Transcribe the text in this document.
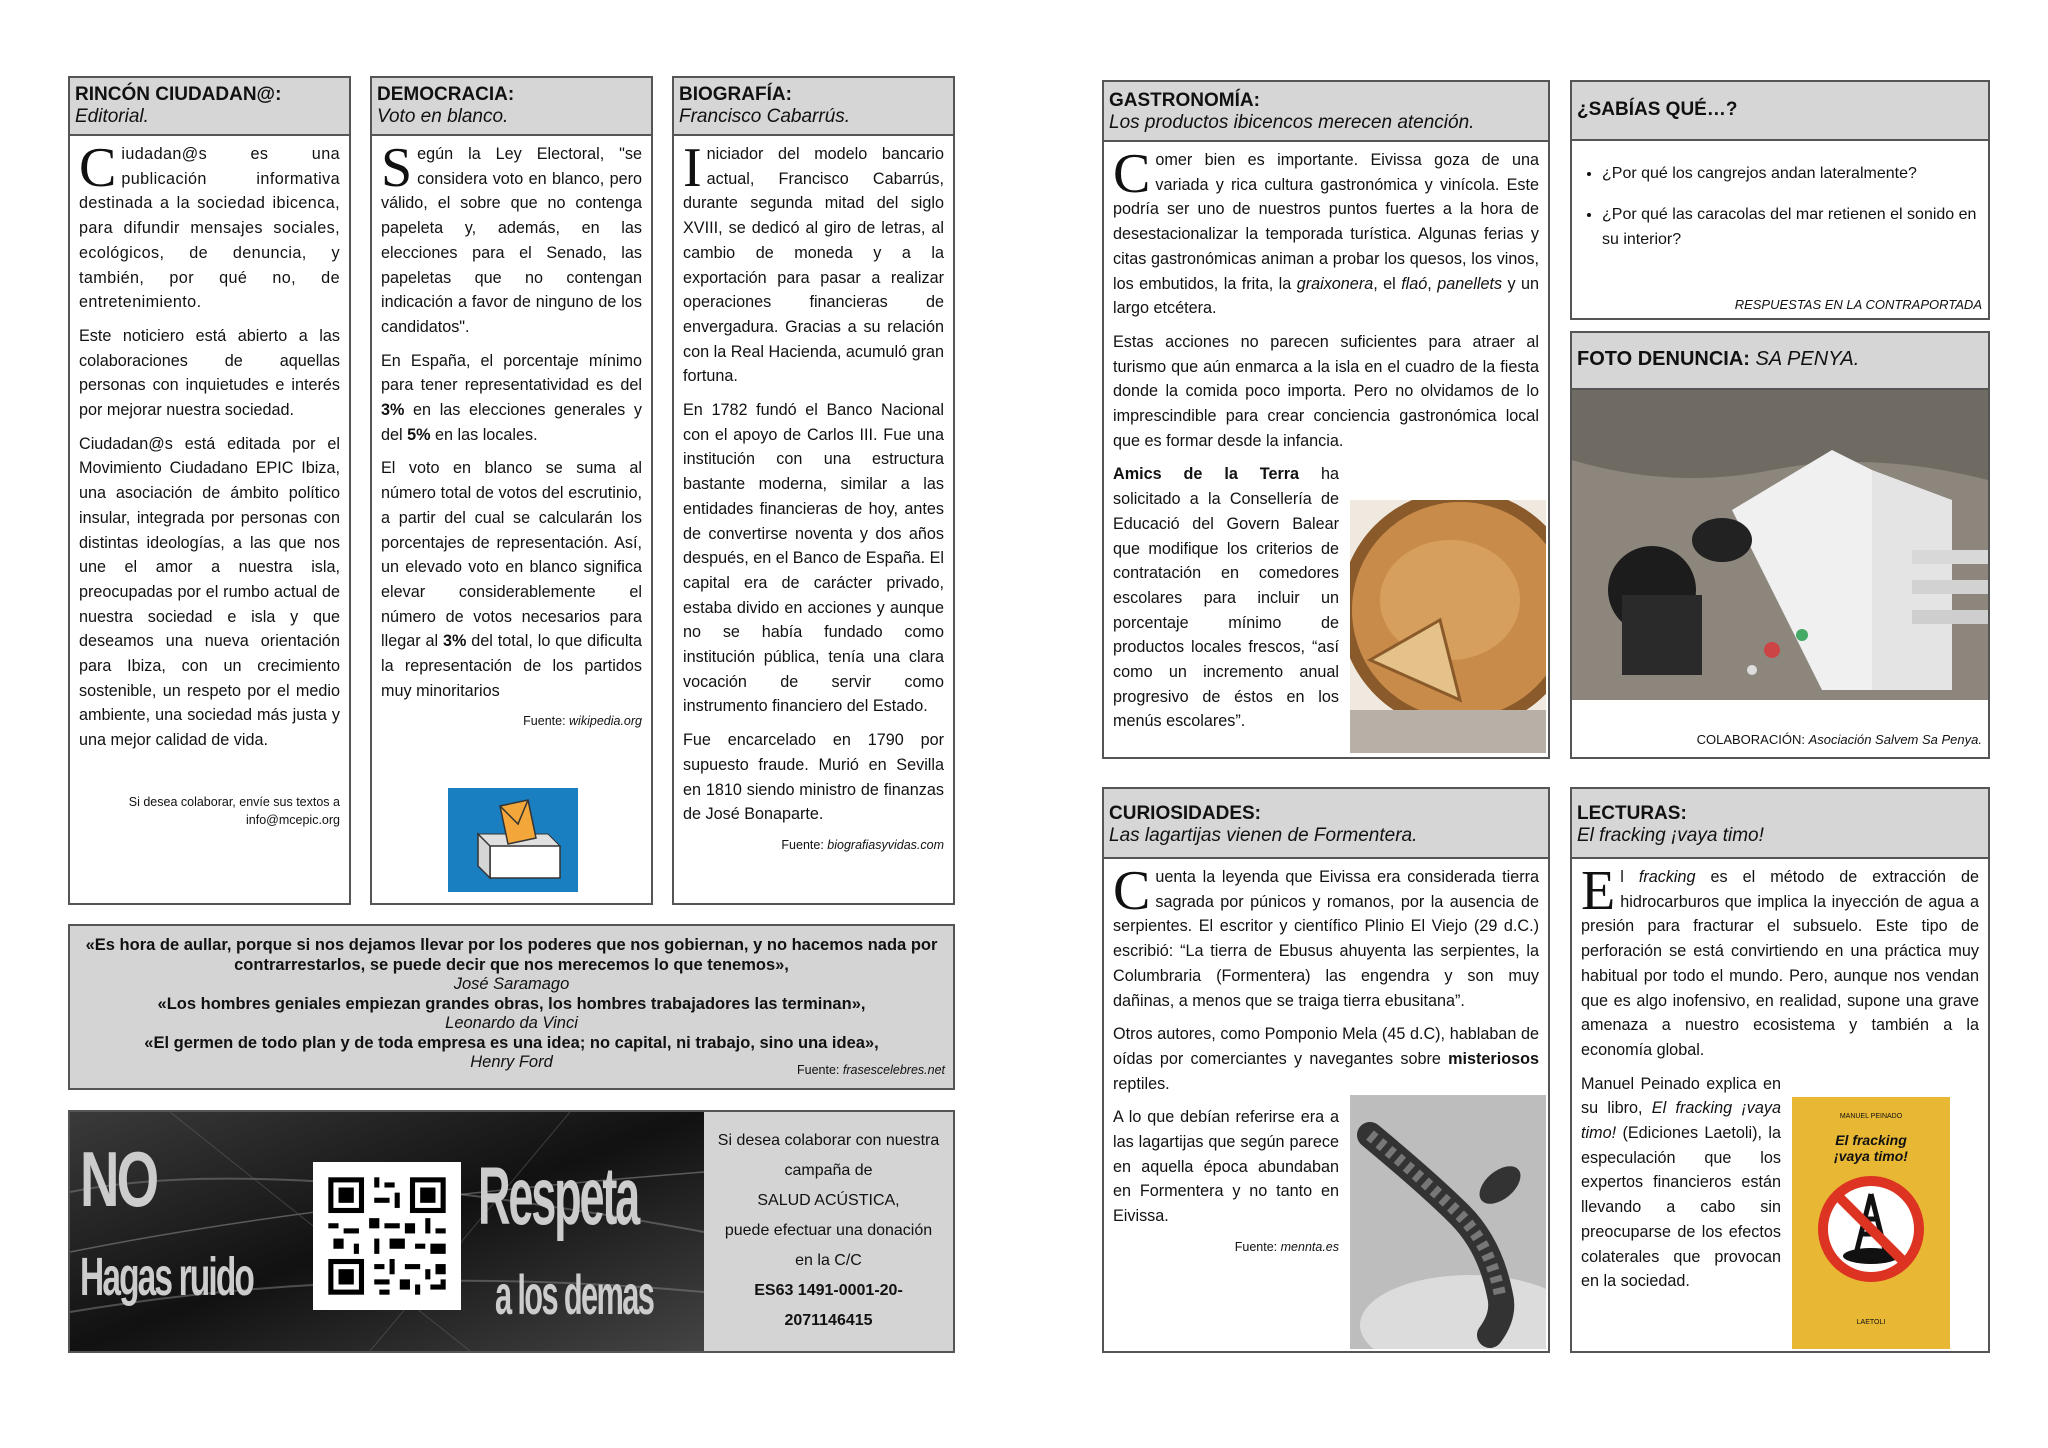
RINCÓN CIUDADAN@:
Editorial.

Ciudadan@s es una publicación informativa destinada a la sociedad ibicenca, para difundir mensajes sociales, ecológicos, de denuncia, y también, por qué no, de entretenimiento.

Este noticiero está abierto a las colaboraciones de aquellas personas con inquietudes e interés por mejorar nuestra sociedad.

Ciudadan@s está editada por el Movimiento Ciudadano EPIC Ibiza, una asociación de ámbito político insular, integrada por personas con distintas ideologías, a las que nos une el amor a nuestra isla, preocupadas por el rumbo actual de nuestra sociedad e isla y que deseamos una nueva orientación para Ibiza, con un crecimiento sostenible, un respeto por el medio ambiente, una sociedad más justa y una mejor calidad de vida.

Si desea colaborar, envíe sus textos a
info@mcepic.org
DEMOCRACIA:
Voto en blanco.

Según la Ley Electoral, "se considera voto en blanco, pero válido, el sobre que no contenga papeleta y, además, en las elecciones para el Senado, las papeletas que no contengan indicación a favor de ninguno de los candidatos".

En España, el porcentaje mínimo para tener representatividad es del 3% en las elecciones generales y del 5% en las locales.

El voto en blanco se suma al número total de votos del escrutinio, a partir del cual se calcularán los porcentajes de representación. Así, un elevado voto en blanco significa elevar considerablemente el número de votos necesarios para llegar al 3% del total, lo que dificulta la representación de los partidos muy minoritarios

Fuente: wikipedia.org
BIOGRAFÍA:
Francisco Cabarrús.

Iniciador del modelo bancario actual, Francisco Cabarrús, durante segunda mitad del siglo XVIII, se dedicó al giro de letras, al cambio de moneda y a la exportación para pasar a realizar operaciones financieras de envergadura. Gracias a su relación con la Real Hacienda, acumuló gran fortuna.

En 1782 fundó el Banco Nacional con el apoyo de Carlos III. Fue una institución con una estructura bastante moderna, similar a las entidades financieras de hoy, antes de convertirse noventa y dos años después, en el Banco de España. El capital era de carácter privado, estaba divido en acciones y aunque no se había fundado como institución pública, tenía una clara vocación de servir como instrumento financiero del Estado.

Fue encarcelado en 1790 por supuesto fraude. Murió en Sevilla en 1810 siendo ministro de finanzas de José Bonaparte.

Fuente: biografiasyvidas.com
«Es hora de aullar, porque si nos dejamos llevar por los poderes que nos gobiernan, y no hacemos nada por contrarrestarlos, se puede decir que nos merecemos lo que tenemos»,
José Saramago
«Los hombres geniales empiezan grandes obras, los hombres trabajadores las terminan»,
Leonardo da Vinci
«El germen de todo plan y de toda empresa es una idea; no capital, ni trabajo, sino una idea»,
Henry Ford	Fuente: frasescelebres.net
NO
Hagas ruido
Respeta
a los demas
Si desea colaborar con nuestra
campaña de
SALUD ACÚSTICA,
puede efectuar una donación
en la C/C
ES63 1491-0001-20-
2071146415
GASTRONOMÍA:
Los productos ibicencos merecen atención.

Comer bien es importante. Eivissa goza de una variada y rica cultura gastronómica y vinícola. Este podría ser uno de nuestros puntos fuertes a la hora de desestacionalizar la temporada turística. Algunas ferias y citas gastronómicas animan a probar los quesos, los vinos, los embutidos, la frita, la graixonera, el flaó, panellets y un largo etcétera.

Estas acciones no parecen suficientes para atraer al turismo que aún enmarca a la isla en el cuadro de la fiesta donde la comida poco importa. Pero no olvidamos de lo imprescindible para crear conciencia gastronómica local que es formar desde la infancia.

Amics de la Terra ha solicitado a la Consellería de Educació del Govern Balear que modifique los criterios de contratación en comedores escolares para incluir un porcentaje mínimo de productos locales frescos, “así como un incremento anual progresivo de éstos en los menús escolares”.

¿SABÍAS QUÉ…?
• ¿Por qué los cangrejos andan lateralmente?
• ¿Por qué las caracolas del mar retienen el sonido en su interior?
RESPUESTAS EN LA CONTRAPORTADA
FOTO DENUNCIA: SA PENYA.
COLABORACIÓN: Asociación Salvem Sa Penya.
CURIOSIDADES:
Las lagartijas vienen de Formentera.

Cuenta la leyenda que Eivissa era considerada tierra sagrada por púnicos y romanos, por la ausencia de serpientes. El escritor y científico Plinio El Viejo (29 d.C.) escribió: “La tierra de Ebusus ahuyenta las serpientes, la Columbraria (Formentera) las engendra y son muy dañinas, a menos que se traiga tierra ebusitana”.

Otros autores, como Pomponio Mela (45 d.C), hablaban de oídas por comerciantes y navegantes sobre misteriosos reptiles.

A lo que debían referirse era a las lagartijas que según parece en aquella época abundaban en Formentera y no tanto en Eivissa.

Fuente: mennta.es
LECTURAS:
El fracking ¡vaya timo!

El fracking es el método de extracción de hidrocarburos que implica la inyección de agua a presión para fracturar el subsuelo. Este tipo de perforación se está convirtiendo en una práctica muy habitual por todo el mundo. Pero, aunque nos vendan que es algo inofensivo, en realidad, supone una grave amenaza a nuestro ecosistema y también a la economía global.

Manuel Peinado explica en su libro, El fracking ¡vaya timo! (Ediciones Laetoli), la especulación que los expertos financieros están llevando a cabo sin preocuparse de los efectos colaterales que provocan en la sociedad.

MANUEL PEINADO
El fracking
¡vaya timo!
LAETOLI
